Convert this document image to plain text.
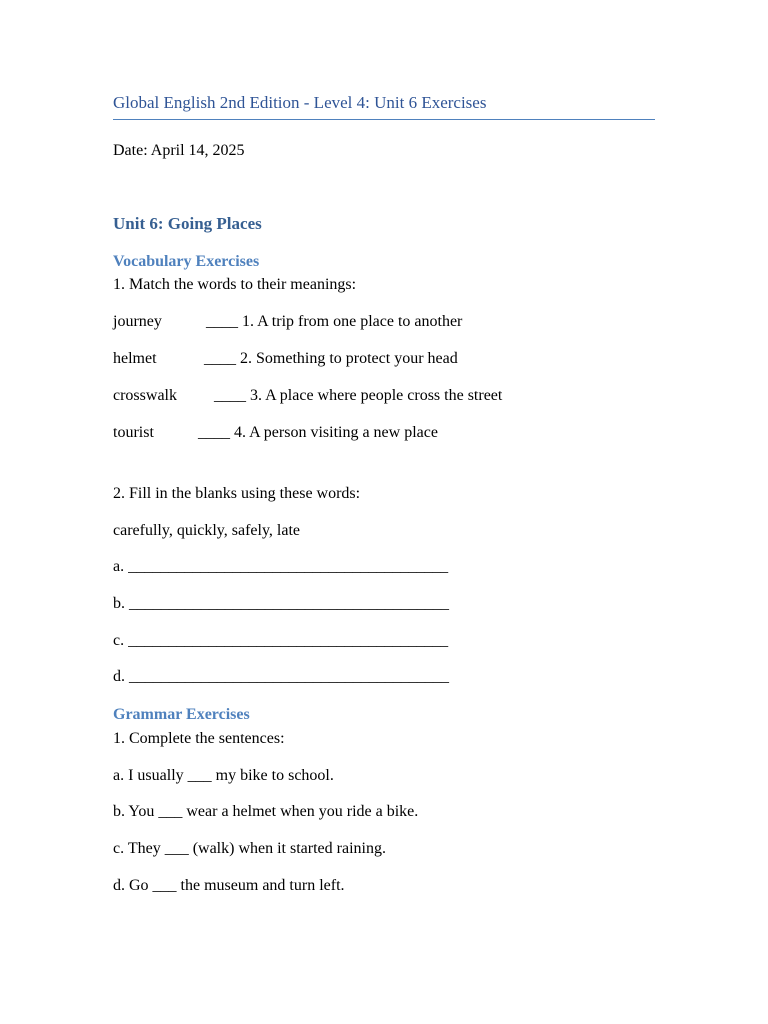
Global English 2nd Edition - Level 4: Unit 6 Exercises
Date: April 14, 2025
Unit 6: Going Places
Vocabulary Exercises
1. Match the words to their meanings:
journey	____ 1. A trip from one place to another
helmet	____ 2. Something to protect your head
crosswalk ____ 3. A place where people cross the street
tourist	____ 4. A person visiting a new place
2. Fill in the blanks using these words:
carefully, quickly, safely, late
a. ________________________________________
b. ________________________________________
c. ________________________________________
d. ________________________________________
Grammar Exercises
1. Complete the sentences:
a. I usually ___ my bike to school.
b. You ___ wear a helmet when you ride a bike.
c. They ___ (walk) when it started raining.
d. Go ___ the museum and turn left.
